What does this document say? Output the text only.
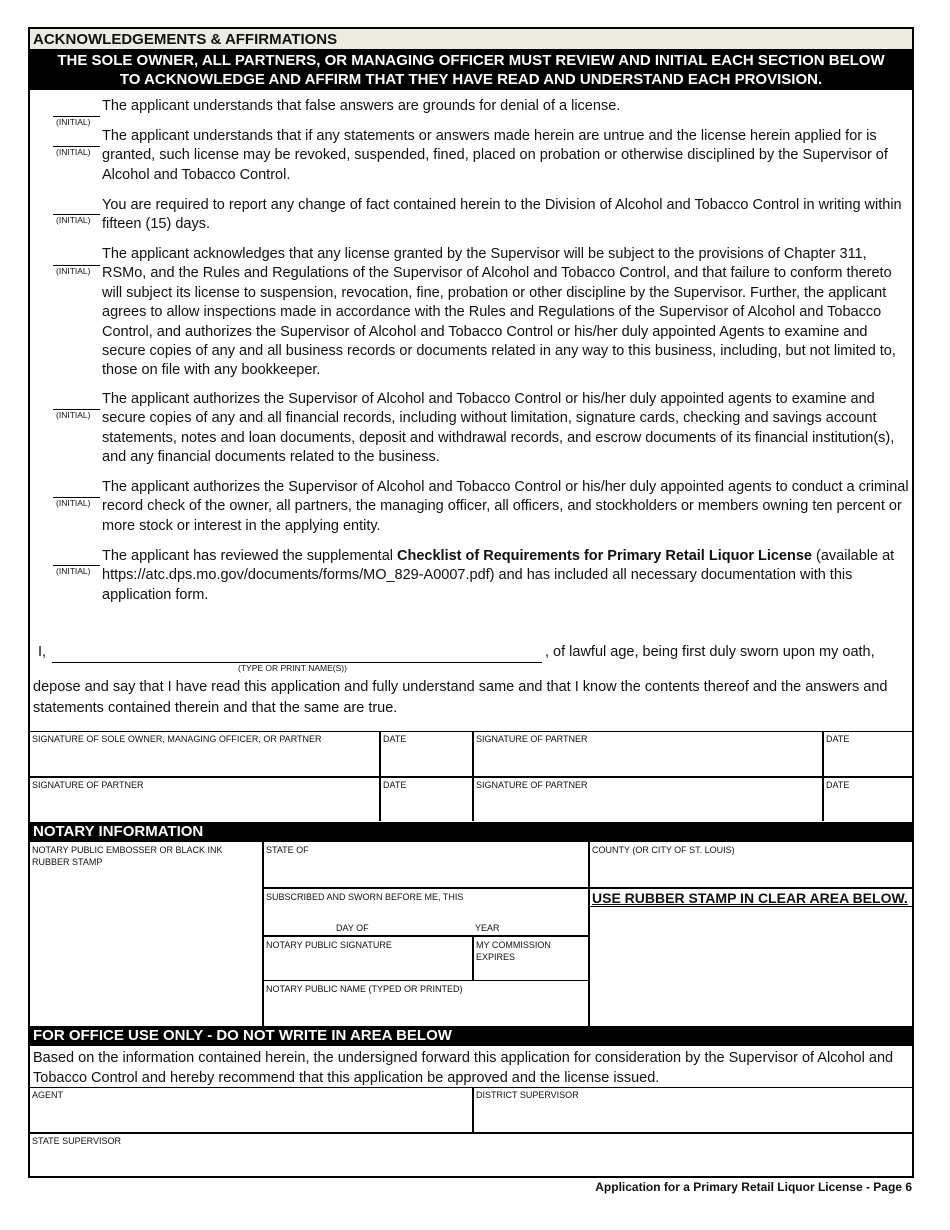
ACKNOWLEDGEMENTS & AFFIRMATIONS
THE SOLE OWNER, ALL PARTNERS, OR MANAGING OFFICER MUST REVIEW AND INITIAL EACH SECTION BELOW
TO ACKNOWLEDGE AND AFFIRM THAT THEY HAVE READ AND UNDERSTAND EACH PROVISION.
(INITIAL)
The applicant understands that false answers are grounds for denial of a license.
(INITIAL)
The applicant understands that if any statements or answers made herein are untrue and the license herein applied for is granted, such license may be revoked, suspended, fined, placed on probation or otherwise disciplined by the Supervisor of Alcohol and Tobacco Control.
(INITIAL)
You are required to report any change of fact contained herein to the Division of Alcohol and Tobacco Control in writing within fifteen (15) days.
(INITIAL)
The applicant acknowledges that any license granted by the Supervisor will be subject to the provisions of Chapter 311, RSMo, and the Rules and Regulations of the Supervisor of Alcohol and Tobacco Control, and that failure to conform thereto will subject its license to suspension, revocation, fine, probation or other discipline by the Supervisor. Further, the applicant agrees to allow inspections made in accordance with the Rules and Regulations of the Supervisor of Alcohol and Tobacco Control, and authorizes the Supervisor of Alcohol and Tobacco Control or his/her duly appointed Agents to examine and secure copies of any and all business records or documents related in any way to this business, including, but not limited to, those on file with any bookkeeper.
(INITIAL)
The applicant authorizes the Supervisor of Alcohol and Tobacco Control or his/her duly appointed agents to examine and secure copies of any and all financial records, including without limitation, signature cards, checking and savings account statements, notes and loan documents, deposit and withdrawal records, and escrow documents of its financial institution(s), and any financial documents related to the business.
(INITIAL)
The applicant authorizes the Supervisor of Alcohol and Tobacco Control or his/her duly appointed agents to conduct a criminal record check of the owner, all partners, the managing officer, all officers, and stockholders or members owning ten percent or more stock or interest in the applying entity.
(INITIAL)
The applicant has reviewed the supplemental Checklist of Requirements for Primary Retail Liquor License (available at https://atc.dps.mo.gov/documents/forms/MO_829-A0007.pdf) and has included all necessary documentation with this application form.
I,
(TYPE OR PRINT NAME(S))
, of lawful age, being first duly sworn upon my oath,
depose and say that I have read this application and fully understand same and that I know the contents thereof and the answers and statements contained therein and that the same are true.
SIGNATURE OF SOLE OWNER, MANAGING OFFICER, OR PARTNER	DATE	SIGNATURE OF PARTNER	DATE
SIGNATURE OF PARTNER	DATE	SIGNATURE OF PARTNER	DATE
NOTARY INFORMATION
NOTARY PUBLIC EMBOSSER OR BLACK INK RUBBER STAMP
STATE OF	COUNTY (OR CITY OF ST. LOUIS)
SUBSCRIBED AND SWORN BEFORE ME, THIS
DAY OF	YEAR
USE RUBBER STAMP IN CLEAR AREA BELOW.
NOTARY PUBLIC SIGNATURE	MY COMMISSION EXPIRES
NOTARY PUBLIC NAME (TYPED OR PRINTED)
FOR OFFICE USE ONLY - DO NOT WRITE IN AREA BELOW
Based on the information contained herein, the undersigned forward this application for consideration by the Supervisor of Alcohol and Tobacco Control and hereby recommend that this application be approved and the license issued.
AGENT	DISTRICT SUPERVISOR
STATE SUPERVISOR
Application for a Primary Retail Liquor License - Page 6
